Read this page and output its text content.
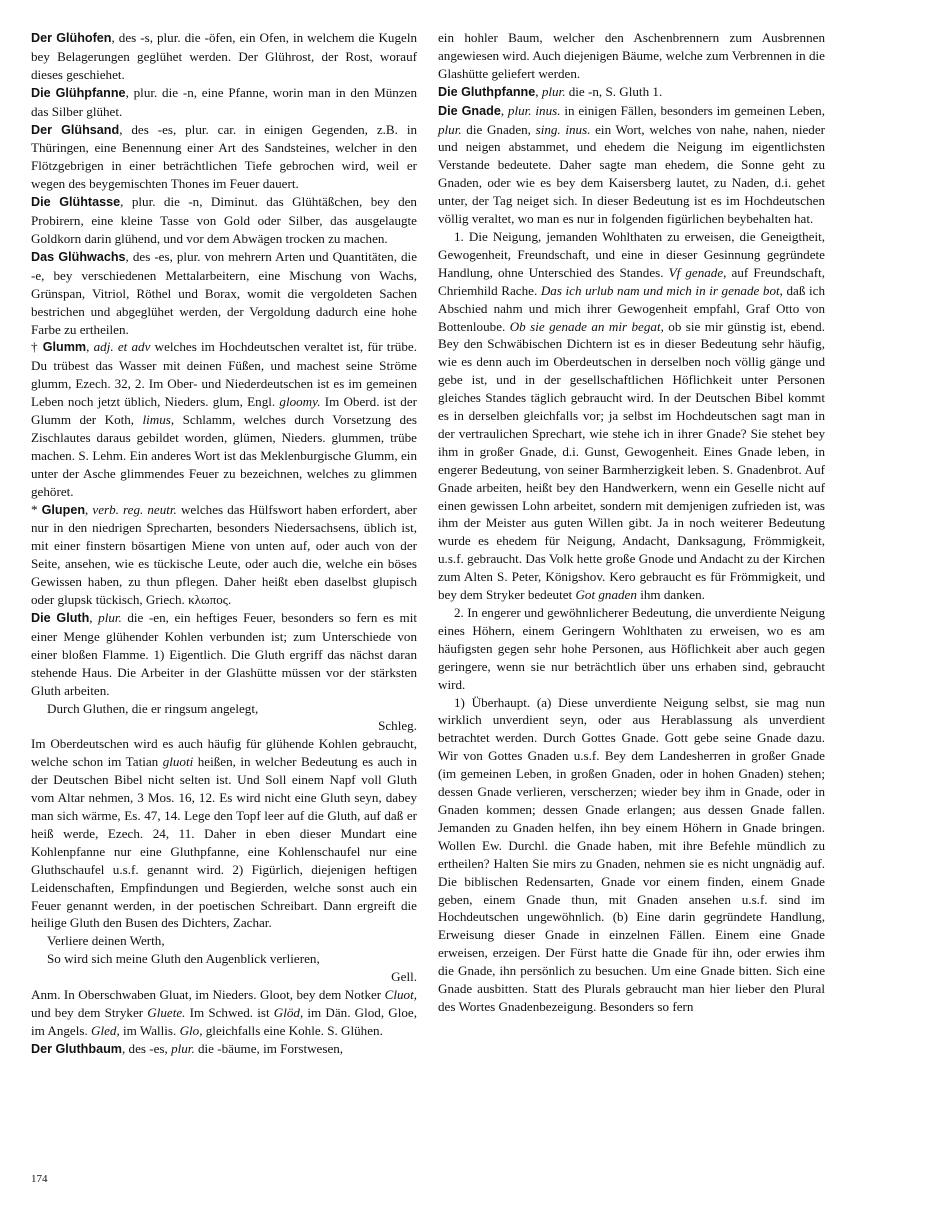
Der Glühofen, des -s, plur. die -öfen, ein Ofen, in welchem die Kugeln bey Belagerungen geglühet werden. Der Glührost, der Rost, worauf dieses geschiehet.

Die Glühpfanne, plur. die -n, eine Pfanne, worin man in den Münzen das Silber glühet.

Der Glühsand, des -es, plur. car. in einigen Gegenden, z.B. in Thüringen, eine Benennung einer Art des Sandsteines, welcher in den Flötzgebrigen in einer beträchtlichen Tiefe gebrochen wird, weil er wegen des beygemischten Thones im Feuer dauert.

Die Glühtasse, plur. die -n, Diminut. das Glühtäßchen, bey den Probirern, eine kleine Tasse von Gold oder Silber, das ausgelaugte Goldkorn darin glühend, und vor dem Abwägen trocken zu machen.

Das Glühwachs, des -es, plur. von mehrern Arten und Quantitäten, die -e, bey verschiedenen Mettalarbeitern, eine Mischung von Wachs, Grünspan, Vitriol, Röthel und Borax, womit die vergoldeten Sachen bestrichen und abgeglühet werden, der Vergoldung dadurch eine hohe Farbe zu ertheilen.

† Glumm, adj. et adv welches im Hochdeutschen veraltet ist, für trübe. Du trübest das Wasser mit deinen Füßen, und machest seine Ströme glumm, Ezech. 32, 2. Im Ober- und Niederdeutschen ist es im gemeinen Leben noch jetzt üblich, Nieders. glum, Engl. gloomy. Im Oberd. ist der Glumm der Koth, limus, Schlamm, welches durch Vorsetzung des Zischlautes daraus gebildet worden, glümen, Nieders. glummen, trübe machen. S. Lehm. Ein anderes Wort ist das Meklenburgische Glumm, ein unter der Asche glimmendes Feuer zu bezeichnen, welches zu glimmen gehöret.

* Glupen, verb. reg. neutr. welches das Hülfswort haben erfordert, aber nur in den niedrigen Sprecharten, besonders Niedersachsens, üblich ist, mit einer finstern bösartigen Miene von unten auf, oder auch von der Seite, ansehen, wie es tückische Leute, oder auch die, welche ein böses Gewissen haben, zu thun pflegen. Daher heißt eben daselbst glupisch oder glupsk tückisch, Griech. κλωπος.

Die Gluth, plur. die -en, ein heftiges Feuer, besonders so fern es mit einer Menge glühender Kohlen verbunden ist; zum Unterschiede von einer bloßen Flamme. 1) Eigentlich. Die Gluth ergriff das nächst daran stehende Haus. Die Arbeiter in der Glashütte müssen vor der stärksten Gluth arbeiten.

Durch Gluthen, die er ringsum angelegt,

Schleg.

Im Oberdeutschen wird es auch häufig für glühende Kohlen gebraucht, welche schon im Tatian gluoti heißen, in welcher Bedeutung es auch in der Deutschen Bibel nicht selten ist. Und Soll einem Napf voll Gluth vom Altar nehmen, 3 Mos. 16, 12. Es wird nicht eine Gluth seyn, dabey man sich wärme, Es. 47, 14. Lege den Topf leer auf die Gluth, auf daß er heiß werde, Ezech. 24, 11. Daher in eben dieser Mundart eine Kohlenpfanne nur eine Gluthpfanne, eine Kohlenschaufel nur eine Gluthschaufel u.s.f. genannt wird. 2) Figürlich, diejenigen heftigen Leidenschaften, Empfindungen und Begierden, welche sonst auch ein Feuer genannt werden, in der poetischen Schreibart. Dann ergreift die heilige Gluth den Busen des Dichters, Zachar.

Verliere deinen Werth,

So wird sich meine Gluth den Augenblick verlieren,

Gell.

Anm. In Oberschwaben Gluat, im Nieders. Gloot, bey dem Notker Cluot, und bey dem Stryker Gluete. Im Schwed. ist Glöd, im Dän. Glod, Gloe, im Angels. Gled, im Wallis. Glo, gleichfalls eine Kohle. S. Glühen.

Der Gluthbaum, des -es, plur. die -bäume, im Forstwesen,

ein hohler Baum, welcher den Aschenbrennern zum Ausbrennen angewiesen wird. Auch diejenigen Bäume, welche zum Verbrennen in die Glashütte geliefert werden.

Die Gluthpfanne, plur. die -n, S. Gluth 1.

Die Gnade, plur. inus. in einigen Fällen, besonders im gemeinen Leben, plur. die Gnaden, sing. inus. ein Wort, welches von nahe, nahen, nieder und neigen abstammet, und ehedem die Neigung im eigentlichsten Verstande bedeutete. Daher sagte man ehedem, die Sonne geht zu Gnaden, oder wie es bey dem Kaisersberg lautet, zu Naden, d.i. gehet unter, der Tag neiget sich. In dieser Bedeutung ist es im Hochdeutschen völlig veraltet, wo man es nur in folgenden figürlichen beybehalten hat.

1. Die Neigung, jemanden Wohlthaten zu erweisen, die Geneigtheit, Gewogenheit, Freundschaft, und eine in dieser Gesinnung gegründete Handlung, ohne Unterschied des Standes. Vf genade, auf Freundschaft, Chriemhild Rache. Das ich urlub nam und mich in ir genade bot, daß ich Abschied nahm und mich ihrer Gewogenheit empfahl, Graf Otto von Bottenloube. Ob sie genade an mir begat, ob sie mir günstig ist, ebend. Bey den Schwäbischen Dichtern ist es in dieser Bedeutung sehr häufig, wie es denn auch im Oberdeutschen in derselben noch völlig gänge und gebe ist, und in der gesellschaftlichen Höflichkeit unter Personen gleiches Standes täglich gebraucht wird. In der Deutschen Bibel kommt es in derselben gleichfalls vor; ja selbst im Hochdeutschen sagt man in der vertraulichen Sprechart, wie stehe ich in ihrer Gnade? Sie stehet bey ihm in großer Gnade, d.i. Gunst, Gewogenheit. Eines Gnade leben, in engerer Bedeutung, von seiner Barmherzigkeit leben. S. Gnadenbrot. Auf Gnade arbeiten, heißt bey den Handwerkern, wenn ein Geselle nicht auf einen gewissen Lohn arbeitet, sondern mit demjenigen zufrieden ist, was ihm der Meister aus guten Willen gibt. Ja in noch weiterer Bedeutung wurde es ehedem für Neigung, Andacht, Danksagung, Frömmigkeit, u.s.f. gebraucht. Das Volk hette große Gnode und Andacht zu der Kirchen zum Alten S. Peter, Königshov. Kero gebraucht es für Frömmigkeit, und bey dem Stryker bedeutet Got gnaden ihm danken.

2. In engerer und gewöhnlicherer Bedeutung, die unverdiente Neigung eines Höhern, einem Geringern Wohlthaten zu erweisen, wo es am häufigsten gegen sehr hohe Personen, aus Höflichkeit aber auch gegen geringere, wenn sie nur beträchtlich über uns erhaben sind, gebraucht wird.

1) Überhaupt. (a) Diese unverdiente Neigung selbst, sie mag nun wirklich unverdient seyn, oder aus Herablassung als unverdient betrachtet werden. Durch Gottes Gnade. Gott gebe seine Gnade dazu. Wir von Gottes Gnaden u.s.f. Bey dem Landesherren in großer Gnade (im gemeinen Leben, in großen Gnaden, oder in hohen Gnaden) stehen; dessen Gnade verlieren, verscherzen; wieder bey ihm in Gnade, oder in Gnaden kommen; dessen Gnade erlangen; aus dessen Gnade fallen. Jemanden zu Gnaden helfen, ihn bey einem Höhern in Gnade bringen. Wollen Ew. Durchl. die Gnade haben, mit ihre Befehle mündlich zu ertheilen? Halten Sie mirs zu Gnaden, nehmen sie es nicht ungnädig auf. Die biblischen Redensarten, Gnade vor einem finden, einem Gnade geben, einem Gnade thun, mit Gnaden ansehen u.s.f. sind im Hochdeutschen ungewöhnlich. (b) Eine darin gegründete Handlung, Erweisung dieser Gnade in einzelnen Fällen. Einem eine Gnade erweisen, erzeigen. Der Fürst hatte die Gnade für ihn, oder erwies ihm die Gnade, ihn persönlich zu besuchen. Um eine Gnade bitten. Sich eine Gnade ausbitten. Statt des Plurals gebraucht man hier lieber den Plural des Wortes Gnadenbezeigung. Besonders so fern

174
